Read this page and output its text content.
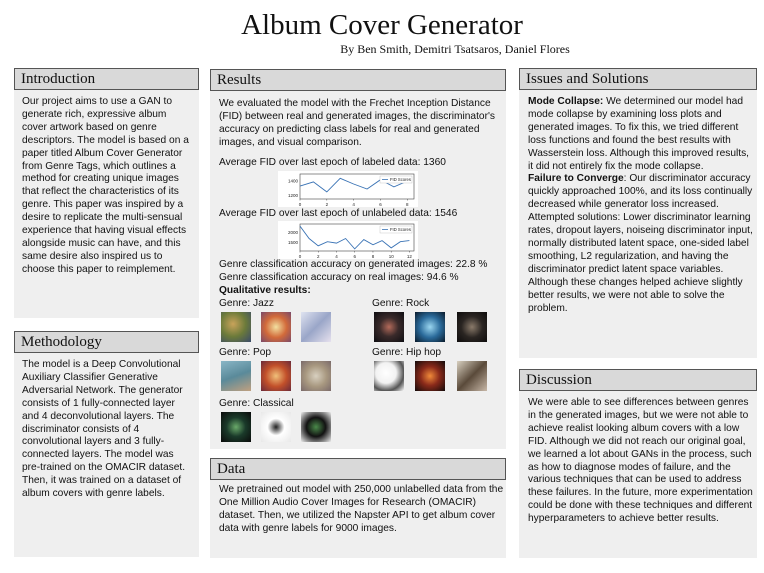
Album Cover Generator
By Ben Smith, Demitri Tsatsaros, Daniel Flores
Introduction
Our project aims to use a GAN to generate rich, expressive album cover artwork based on genre descriptors. The model is based on a paper titled Album Cover Generator from Genre Tags, which outlines a method for creating unique images that reflect the characteristics of its genre. This paper was inspired by a desire to replicate the multi-sensual experience that having visual effects alongside music can have, and this same desire also inspired us to choose this paper to reimplement.
Methodology
The model is a Deep Convolutional Auxiliary Classifier Generative Adversarial Network. The generator consists of 1 fully-connected layer and 4 deconvolutional layers. The discriminator consists of 4 convolutional layers and 3 fully-connected layers. The model was pre-trained on the OMACIR dataset. Then, it was trained on a dataset of album covers with genre labels.
Results
We evaluated the model with the Frechet Inception Distance (FID) between real and generated images, the discriminator's accuracy on predicting class labels for real and generated images, and visual comparison.
Average FID over last epoch of labeled data: 1360
0	2	4	6	8
1400
1200
FID Scores
Average FID over last epoch of unlabeled data: 1546
0	2	4	6	8	10	12
2000
1500
FID Scores
Genre classification accuracy on generated images: 22.8 %
Genre classification accuracy on real images: 94.6 %
Qualitative results:
Genre: Jazz	Genre: Rock
Genre: Pop	Genre: Hip hop
Genre: Classical
Data
We pretrained out model with 250,000 unlabelled data from the One Million Audio Cover Images for Research (OMACIR) dataset. Then, we utilized the Napster API to get album cover data with genre labels for 9000 images.
Issues and Solutions

Mode Collapse: We determined our model had mode collapse by examining loss plots and generated images. To fix this, we tried different loss functions and found the best results with Wasserstein loss. Although this improved results, it did not entirely fix the mode collapse.

Failure to Converge: Our discriminator accuracy quickly approached 100%, and its loss continually decreased while generator loss increased. Attempted solutions: Lower discriminator learning rates, dropout layers, noiseing discriminator input, normally distributed latent space, one-sided label smoothing, L2 regularization, and having the discriminator predict latent space variables. Although these changes helped achieve slightly better results, we were not able to solve the problem.

Discussion
We were able to see differences between genres in the generated images, but we were not able to achieve realist looking album covers with a low FID. Although we did not reach our original goal, we learned a lot about GANs in the process, such as how to diagnose modes of failure, and the various techniques that can be used to address these failures. In the future, more experimentation could be done with these techniques and different hyperparameters to achieve better results.
